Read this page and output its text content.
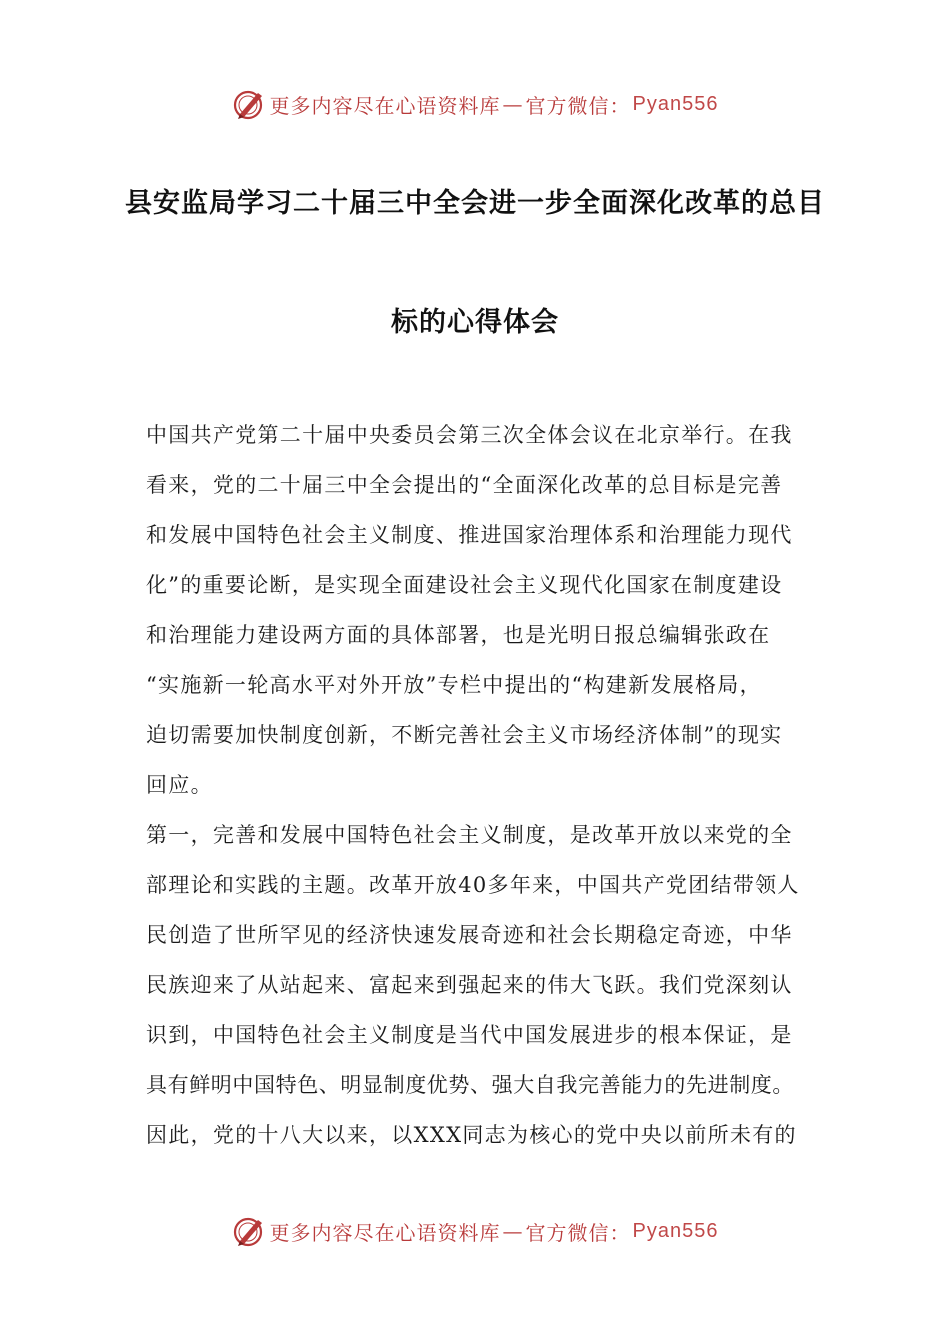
更多内容尽在心语资料库 — 官方微信： Pyan556
县安监局学习二十届三中全会进一步全面深化改革的总目
标的心得体会
中国共产党第二十届中央委员会第三次全体会议在北京举行。在我
看来，党的二十届三中全会提出的“全面深化改革的总目标是完善
和发展中国特色社会主义制度、推进国家治理体系和治理能力现代
化”的重要论断，是实现全面建设社会主义现代化国家在制度建设
和治理能力建设两方面的具体部署，也是光明日报总编辑张政在
“实施新一轮高水平对外开放”专栏中提出的“构建新发展格局，
迫切需要加快制度创新，不断完善社会主义市场经济体制”的现实
回应。
第一，完善和发展中国特色社会主义制度，是改革开放以来党的全
部理论和实践的主题。改革开放40多年来，中国共产党团结带领人
民创造了世所罕见的经济快速发展奇迹和社会长期稳定奇迹，中华
民族迎来了从站起来、富起来到强起来的伟大飞跃。我们党深刻认
识到，中国特色社会主义制度是当代中国发展进步的根本保证，是
具有鲜明中国特色、明显制度优势、强大自我完善能力的先进制度。
因此，党的十八大以来，以XXX同志为核心的党中央以前所未有的
更多内容尽在心语资料库 — 官方微信： Pyan556
